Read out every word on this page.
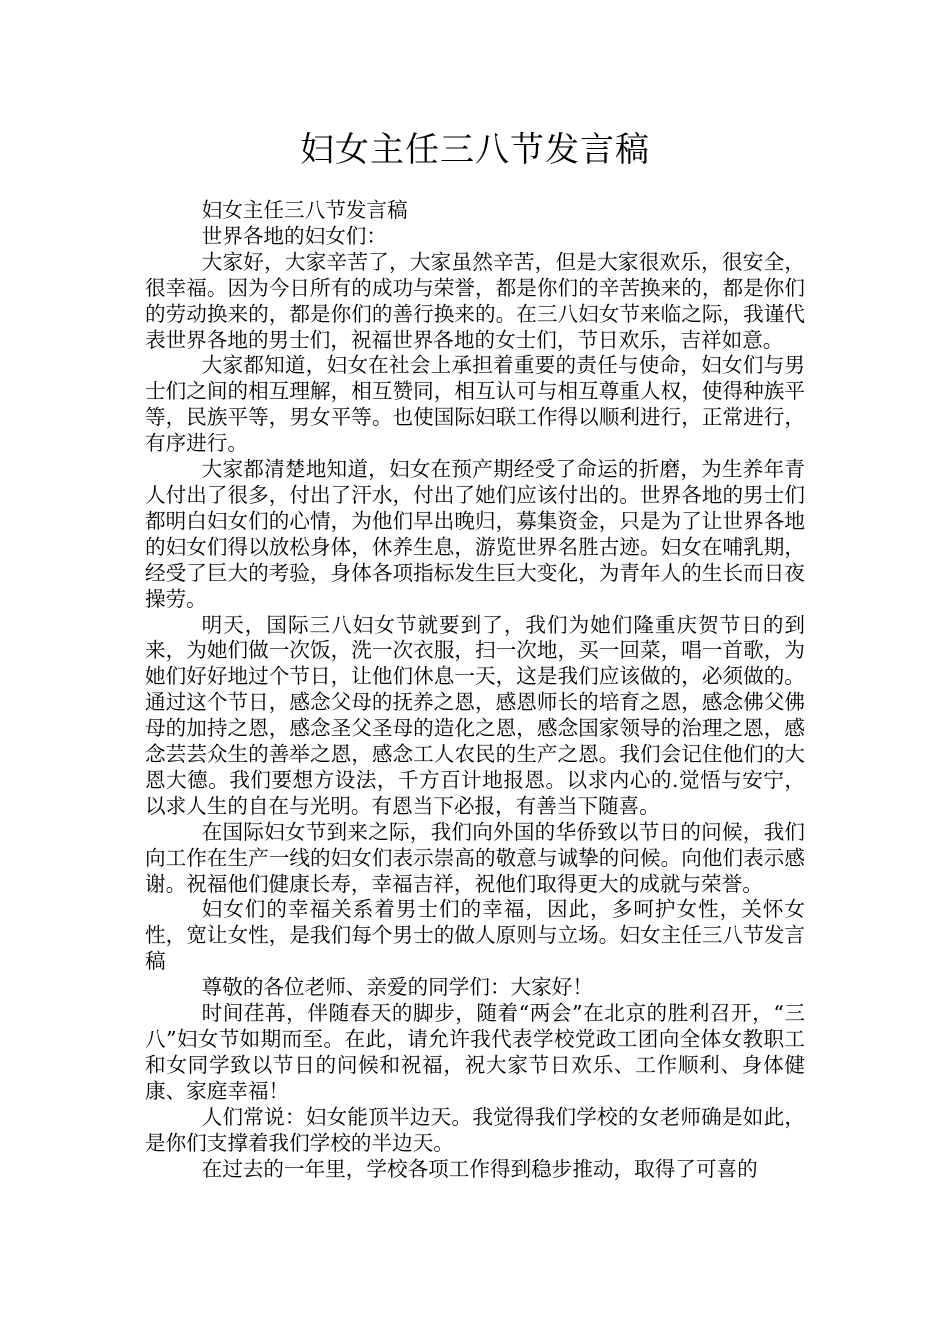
妇女主任三八节发言稿

妇女主任三八节发言稿

世界各地的妇女们：

大家好，大家辛苦了，大家虽然辛苦，但是大家很欢乐，很安全，很幸福。因为今日所有的成功与荣誉，都是你们的辛苦换来的，都是你们的劳动换来的，都是你们的善行换来的。在三八妇女节来临之际，我谨代表世界各地的男士们，祝福世界各地的女士们，节日欢乐，吉祥如意。

大家都知道，妇女在社会上承担着重要的责任与使命，妇女们与男士们之间的相互理解，相互赞同，相互认可与相互尊重人权，使得种族平等，民族平等，男女平等。也使国际妇联工作得以顺利进行，正常进行，有序进行。

大家都清楚地知道，妇女在预产期经受了命运的折磨，为生养年青人付出了很多，付出了汗水，付出了她们应该付出的。世界各地的男士们都明白妇女们的心情，为他们早出晚归，募集资金，只是为了让世界各地的妇女们得以放松身体，休养生息，游览世界名胜古迹。妇女在哺乳期，经受了巨大的考验，身体各项指标发生巨大变化，为青年人的生长而日夜操劳。

明天，国际三八妇女节就要到了，我们为她们隆重庆贺节日的到来，为她们做一次饭，洗一次衣服，扫一次地，买一回菜，唱一首歌，为她们好好地过个节日，让他们休息一天，这是我们应该做的，必须做的。通过这个节日，感念父母的抚养之恩，感恩师长的培育之恩，感念佛父佛母的加持之恩，感念圣父圣母的造化之恩，感念国家领导的治理之恩，感念芸芸众生的善举之恩，感念工人农民的生产之恩。我们会记住他们的大恩大德。我们要想方设法，千方百计地报恩。以求内心的.觉悟与安宁，以求人生的自在与光明。有恩当下必报，有善当下随喜。

在国际妇女节到来之际，我们向外国的华侨致以节日的问候，我们向工作在生产一线的妇女们表示崇高的敬意与诚挚的问候。向他们表示感谢。祝福他们健康长寿，幸福吉祥，祝他们取得更大的成就与荣誉。

妇女们的幸福关系着男士们的幸福，因此，多呵护女性，关怀女性，宽让女性，是我们每个男士的做人原则与立场。妇女主任三八节发言稿

尊敬的各位老师、亲爱的同学们：大家好！

时间荏苒，伴随春天的脚步，随着“两会”在北京的胜利召开，“三八”妇女节如期而至。在此，请允许我代表学校党政工团向全体女教职工和女同学致以节日的问候和祝福，祝大家节日欢乐、工作顺利、身体健康、家庭幸福！

人们常说：妇女能顶半边天。我觉得我们学校的女老师确是如此，是你们支撑着我们学校的半边天。

在过去的一年里，学校各项工作得到稳步推动，取得了可喜的
